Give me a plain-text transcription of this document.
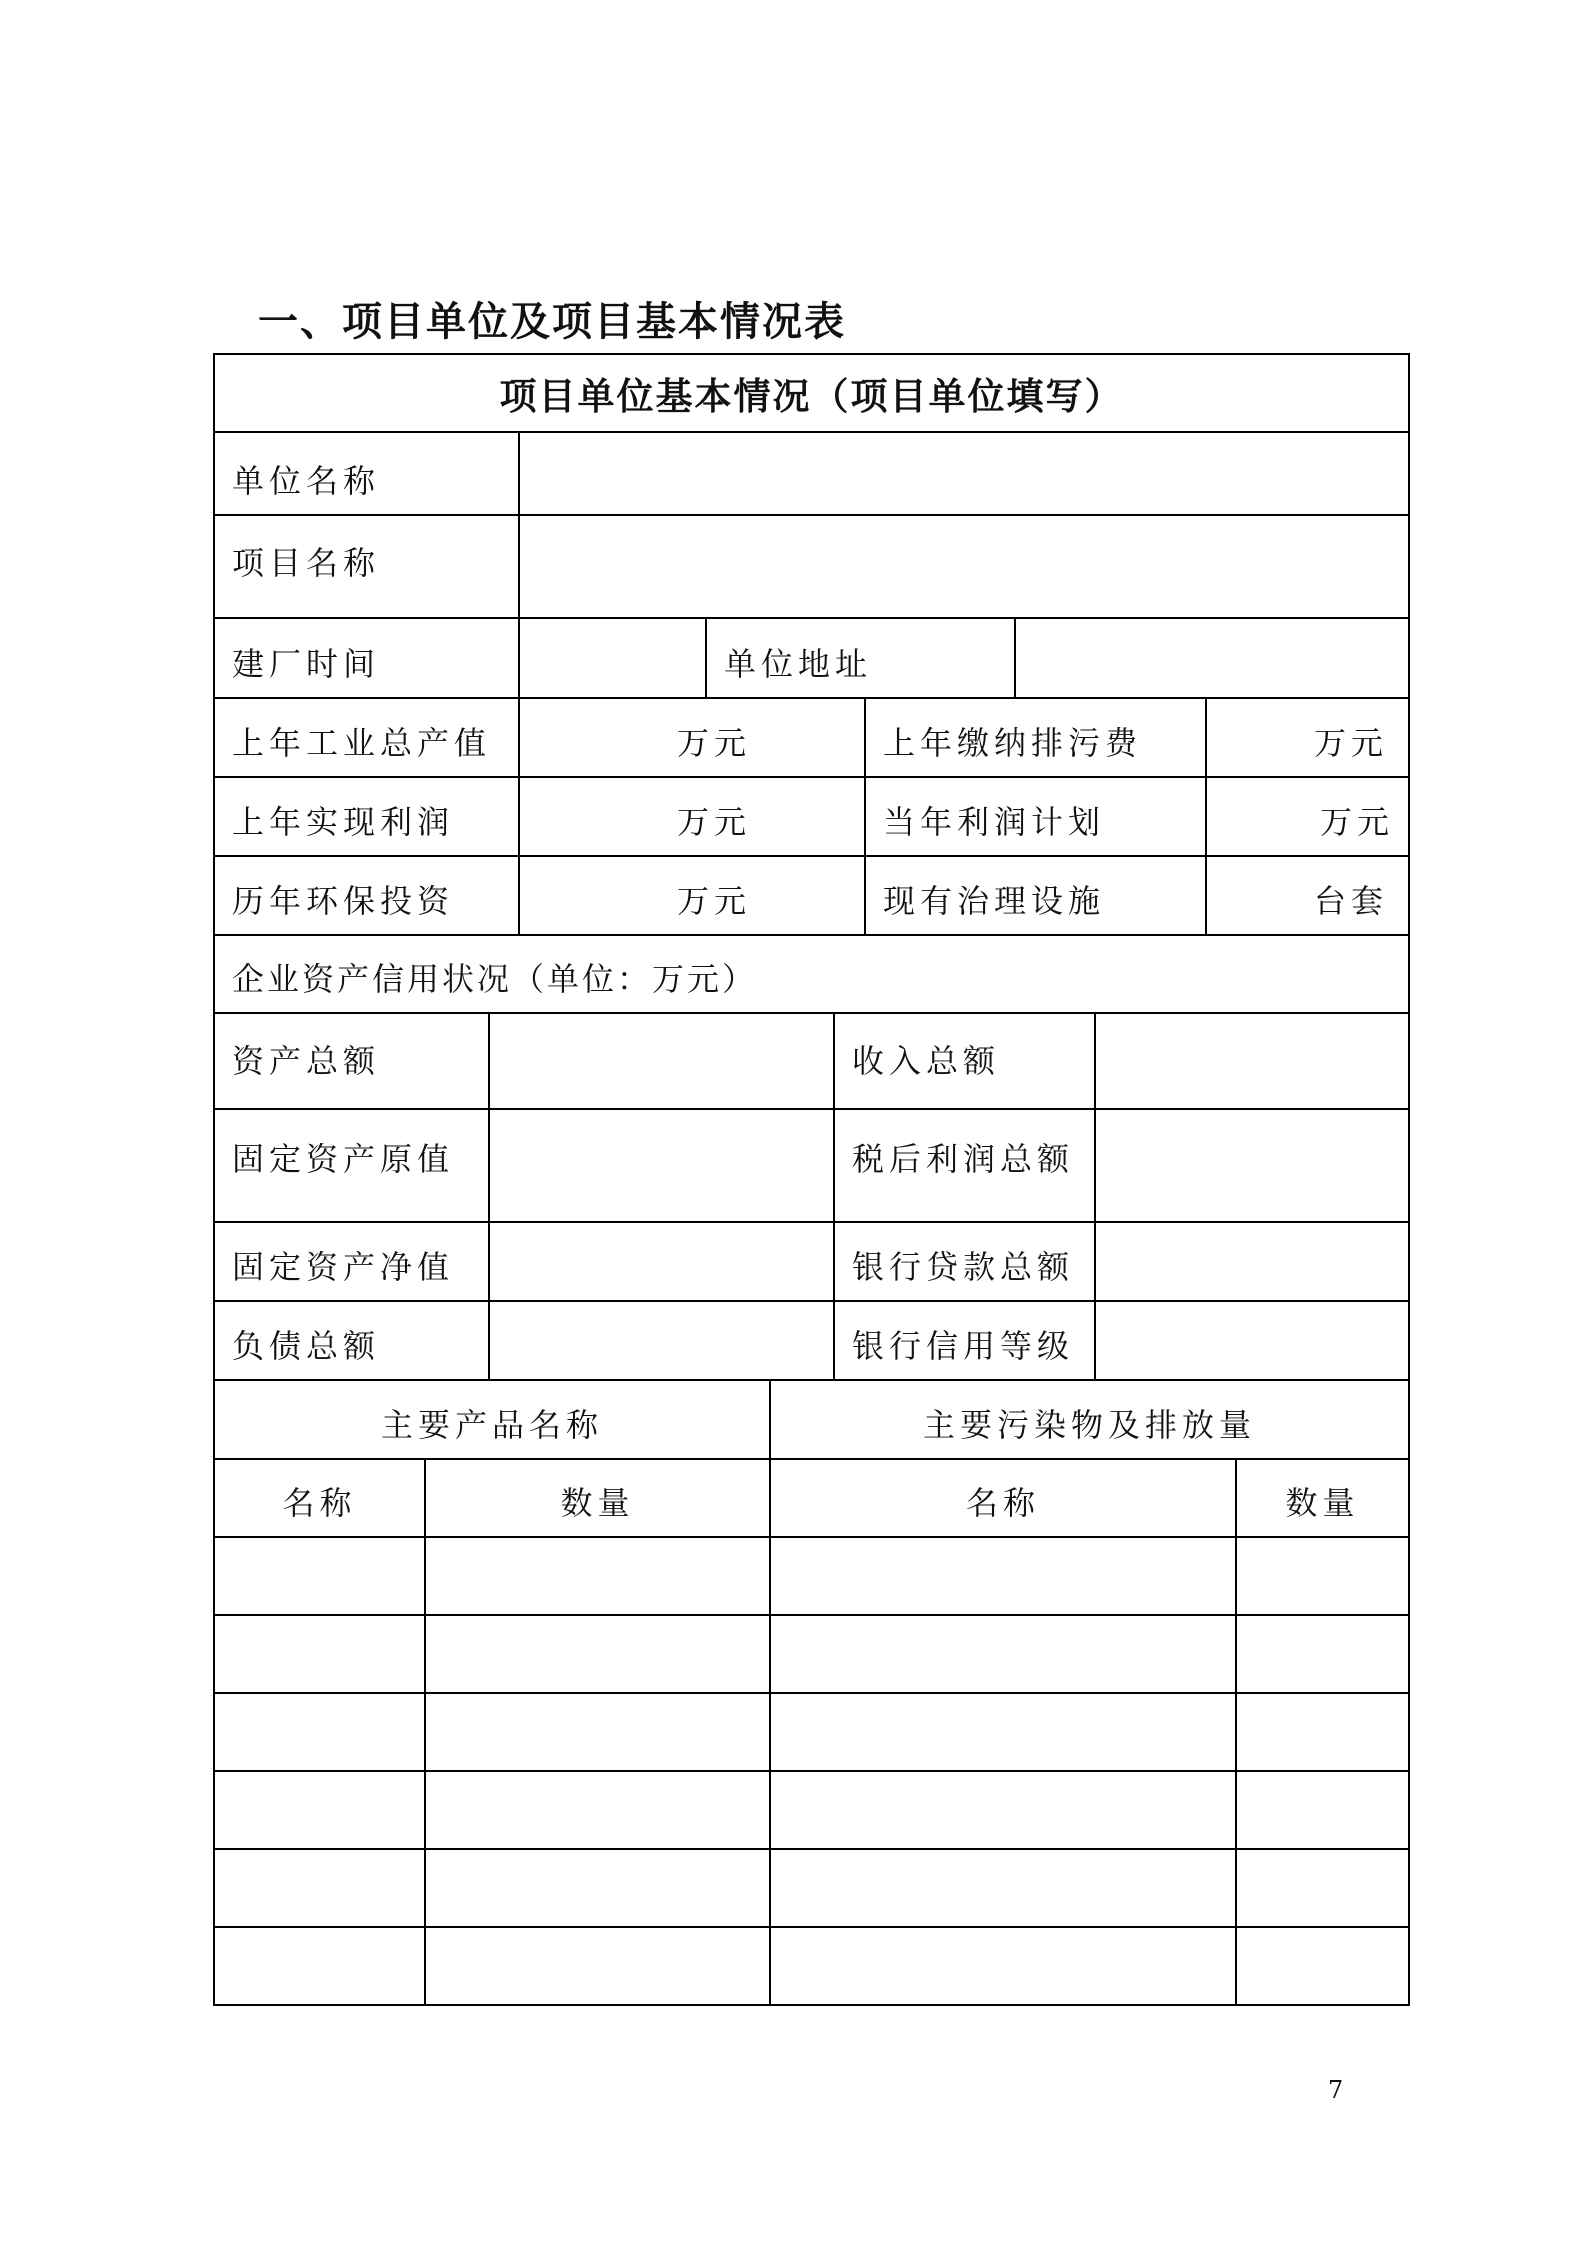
一、项目单位及项目基本情况表
项目单位基本情况（项目单位填写）
单位名称
项目名称
建厂时间	单位地址
上年工业总产值	万元	上年缴纳排污费	万元
上年实现利润	万元	当年利润计划	万元
历年环保投资	万元	现有治理设施	台套
企业资产信用状况（单位：万元）
资产总额	收入总额
固定资产原值	税后利润总额
固定资产净值	银行贷款总额
负债总额	银行信用等级
主要产品名称	主要污染物及排放量
名称	数量	名称	数量
7
